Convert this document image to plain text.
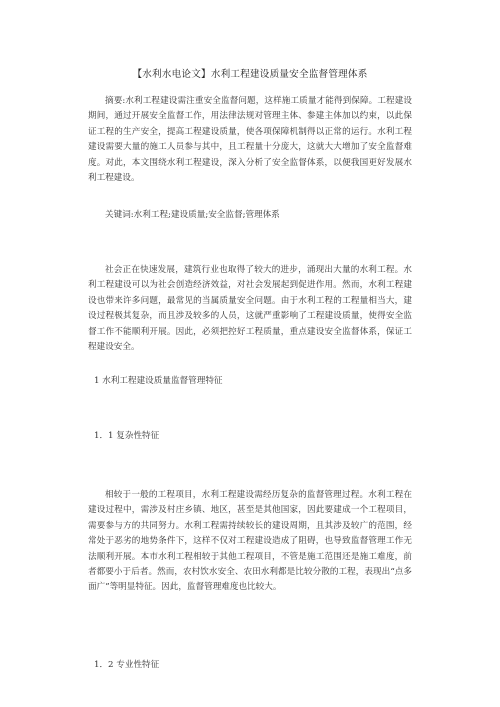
【水利水电论文】水利工程建设质量安全监督管理体系

摘要:水利工程建设需注重安全监督问题，这样施工质量才能得到保障。工程建设期间，通过开展安全监督工作，用法律法规对管理主体、参建主体加以约束，以此保证工程的生产安全，提高工程建设质量，使各项保障机制得以正常的运行。水利工程建设需要大量的施工人员参与其中，且工程量十分庞大，这就大大增加了安全监督难度。对此，本文围绕水利工程建设，深入分析了安全监督体系，以便我国更好发展水利工程建设。

关键词:水利工程;建设质量;安全监督;管理体系

社会正在快速发展，建筑行业也取得了较大的进步，涌现出大量的水利工程。水利工程建设可以为社会创造经济效益，对社会发展起到促进作用。然而，水利工程建设也带来许多问题，最常见的当属质量安全问题。由于水利工程的工程量相当大，建设过程极其复杂，而且涉及较多的人员，这就严重影响了工程建设质量，使得安全监督工作不能顺利开展。因此，必须把控好工程质量，重点建设安全监督体系，保证工程建设安全。

1 水利工程建设质量监督管理特征

1．1 复杂性特征

相较于一般的工程项目，水利工程建设需经历复杂的监督管理过程。水利工程在建设过程中，需涉及村庄乡镇、地区，甚至是其他国家，因此要建成一个工程项目，需要参与方的共同努力。水利工程需持续较长的建设周期，且其涉及较广的范围，经常处于恶劣的地势条件下，这样不仅对工程建设造成了阻碍，也导致监督管理工作无法顺利开展。本市水利工程相较于其他工程项目，不管是施工范围还是施工难度，前者都要小于后者。然而，农村饮水安全、农田水利都是比较分散的工程，表现出“点多面广”等明显特征。因此，监督管理难度也比较大。

1．2 专业性特征
